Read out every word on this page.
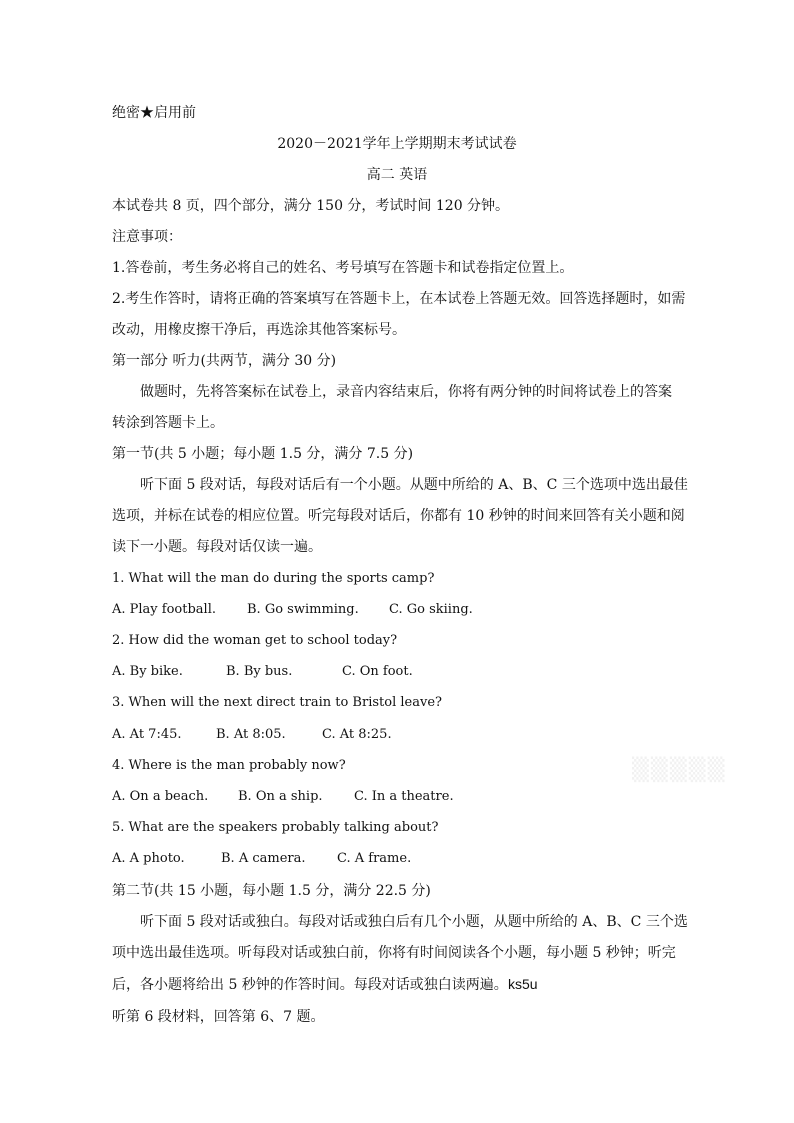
绝密★启用前
2020－2021学年上学期期末考试试卷
高二 英语
本试卷共 8 页，四个部分，满分 150 分，考试时间 120 分钟。
注意事项：
1.答卷前，考生务必将自己的姓名、考号填写在答题卡和试卷指定位置上。
2.考生作答时，请将正确的答案填写在答题卡上，在本试卷上答题无效。回答选择题时，如需
改动，用橡皮擦干净后，再选涂其他答案标号。
第一部分 听力(共两节，满分 30 分)
做题时，先将答案标在试卷上，录音内容结束后，你将有两分钟的时间将试卷上的答案
转涂到答题卡上。
第一节(共 5 小题；每小题 1.5 分，满分 7.5 分)
听下面 5 段对话，每段对话后有一个小题。从题中所给的 A、B、C 三个选项中选出最佳
选项，并标在试卷的相应位置。听完每段对话后，你都有 10 秒钟的时间来回答有关小题和阅
读下一小题。每段对话仅读一遍。
1. What will the man do during the sports camp?
A. Play football. B. Go swimming. C. Go skiing.
2. How did the woman get to school today?
A. By bike.	B. By bus.	C. On foot.
3. When will the next direct train to Bristol leave?
A. At 7:45.	B. At 8:05.	C. At 8:25.
4. Where is the man probably now?
A. On a beach. B. On a ship. C. In a theatre.
5. What are the speakers probably talking about?
A. A photo.	B. A camera. C. A frame.
第二节(共 15 小题，每小题 1.5 分，满分 22.5 分)
听下面 5 段对话或独白。每段对话或独白后有几个小题，从题中所给的 A、B、C 三个选
项中选出最佳选项。听每段对话或独白前，你将有时间阅读各个小题，每小题 5 秒钟；听完
后，各小题将给出 5 秒钟的作答时间。每段对话或独白读两遍。 ks5u
听第 6 段材料，回答第 6、7 题。
▒▒▒▒▒
